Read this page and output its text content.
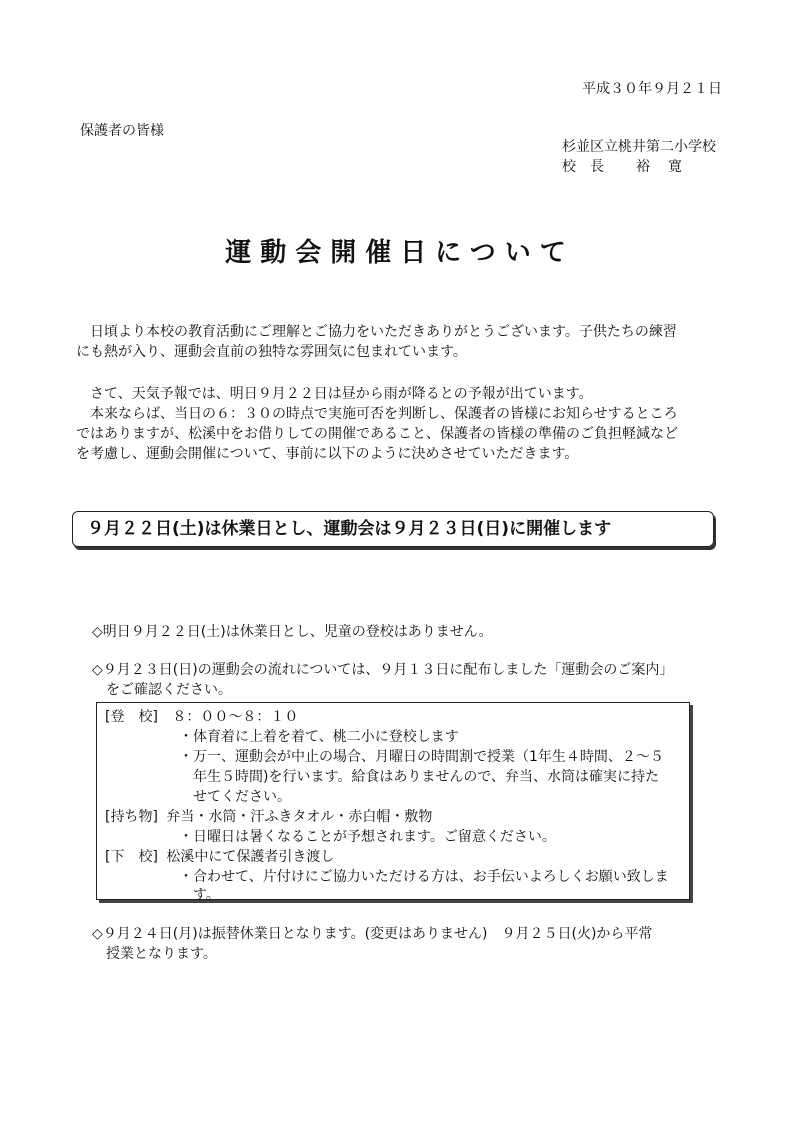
平成３０年９月２１日
保護者の皆様
杉並区立桃井第二小学校
校長 裕寛
運動会開催日について
　日頃より本校の教育活動にご理解とご協力をいただきありがとうございます。子供たちの練習
にも熱が入り、運動会直前の独特な雰囲気に包まれています。
　さて、天気予報では、明日９月２２日は昼から雨が降るとの予報が出ています。
　本来ならば、当日の６：３０の時点で実施可否を判断し、保護者の皆様にお知らせするところ
ではありますが、松溪中をお借りしての開催であること、保護者の皆様の準備のご負担軽減など
を考慮し、運動会開催について、事前に以下のように決めさせていただきます。
９月２２日(土)は休業日とし、運動会は９月２３日(日)に開催します
◇明日９月２２日(土)は休業日とし、児童の登校はありません。
◇９月２３日(日)の運動会の流れについては、９月１３日に配布しました「運動会のご案内」
　をご確認ください。
[登　校] ８：００～８：１０
・体育着に上着を着て、桃二小に登校します
・万一、運動会が中止の場合、月曜日の時間割で授業（1年生４時間、２～５
年生５時間)を行います。給食はありませんので、弁当、水筒は確実に持た
せてください。
[持ち物] 弁当・水筒・汗ふきタオル・赤白帽・敷物
・日曜日は暑くなることが予想されます。ご留意ください。
[下　校] 松溪中にて保護者引き渡し
・合わせて、片付けにご協力いただける方は、お手伝いよろしくお願い致しま
す。
◇９月２４日(月)は振替休業日となります。(変更はありません)　９月２５日(火)から平常
　授業となります。
